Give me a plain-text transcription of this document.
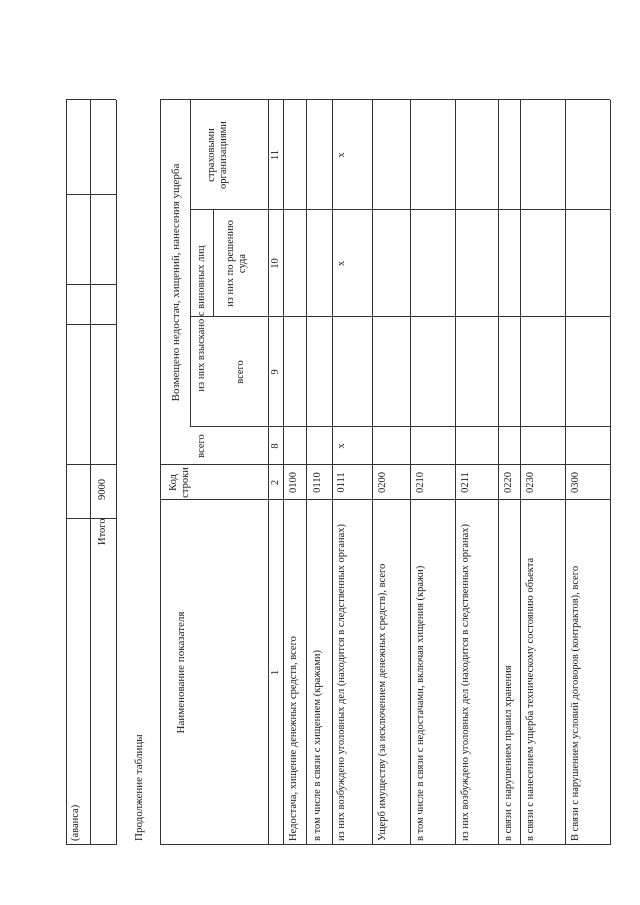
(аванса)
Итого
9000
Продолжение таблицы
Наименование показателя
Код строки
Возмещено недостач, хищений, нанесения ущерба
всего
из них взыскано с виновных лиц	всего
из них по решению суда
страховыми организациями
1
2
8
9
10
11
Недостача, хищение денежных средств, всего
0100
в том числе в связи с хищением (кражами)
0110
из них возбуждено уголовных дел (находится в следственных органах)
0111
х
х
х
Ущерб имуществу (за исключением денежных средств), всего
0200
в том числе в связи с недостачами, включая хищения (кражи)
0210
из них возбуждено уголовных дел (находится в следственных органах)
0211
в связи с нарушением правил хранения
0220
в связи с нанесением ущерба техническому состоянию объекта
0230
В связи с нарушением условий договоров (контрактов), всего
0300
